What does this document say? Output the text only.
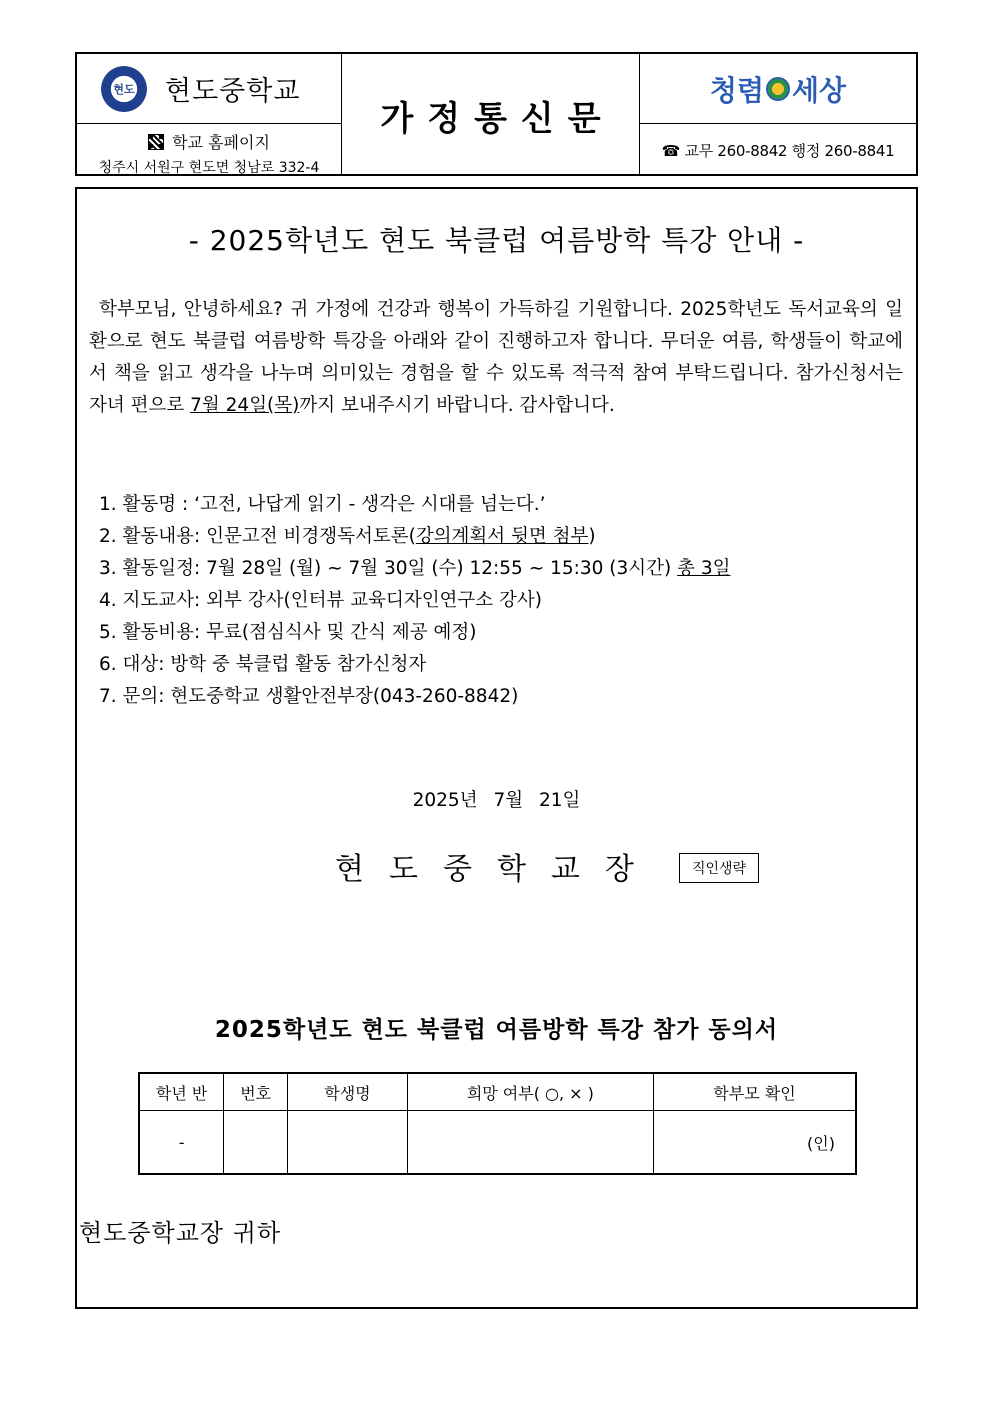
현도 현도중학교
학교 홈페이지
청주시 서원구 현도면 청남로 332-4
가정통신문
청렴 세상
☎ 교무 260-8842 행정 260-8841
- 2025학년도 현도 북클럽 여름방학 특강 안내 -
학부모님, 안녕하세요? 귀 가정에 건강과 행복이 가득하길 기원합니다. 2025학년도 독서교육의 일환으로 현도 북클럽 여름방학 특강을 아래와 같이 진행하고자 합니다. 무더운 여름, 학생들이 학교에서 책을 읽고 생각을 나누며 의미있는 경험을 할 수 있도록 적극적 참여 부탁드립니다. 참가신청서는 자녀 편으로 7월 24일(목)까지 보내주시기 바랍니다. 감사합니다.
1. 활동명 : ‘고전, 나답게 읽기 - 생각은 시대를 넘는다.’
2. 활동내용: 인문고전 비경쟁독서토론(강의계획서 뒷면 첨부)
3. 활동일정: 7월 28일 (월) ~ 7월 30일 (수) 12:55 ~ 15:30 (3시간) 총 3일
4. 지도교사: 외부 강사(인터뷰 교육디자인연구소 강사)
5. 활동비용: 무료(점심식사 및 간식 제공 예정)
6. 대상: 방학 중 북클럽 활동 참가신청자
7. 문의: 현도중학교 생활안전부장(043-260-8842)
2025년 7월 21일
현도중학교장	직인생략
2025학년도 현도 북클럽 여름방학 특강 참가 동의서
학년 반	번호	학생명	희망 여부( ○, × )	학부모 확인
-				(인)
현도중학교장 귀하
